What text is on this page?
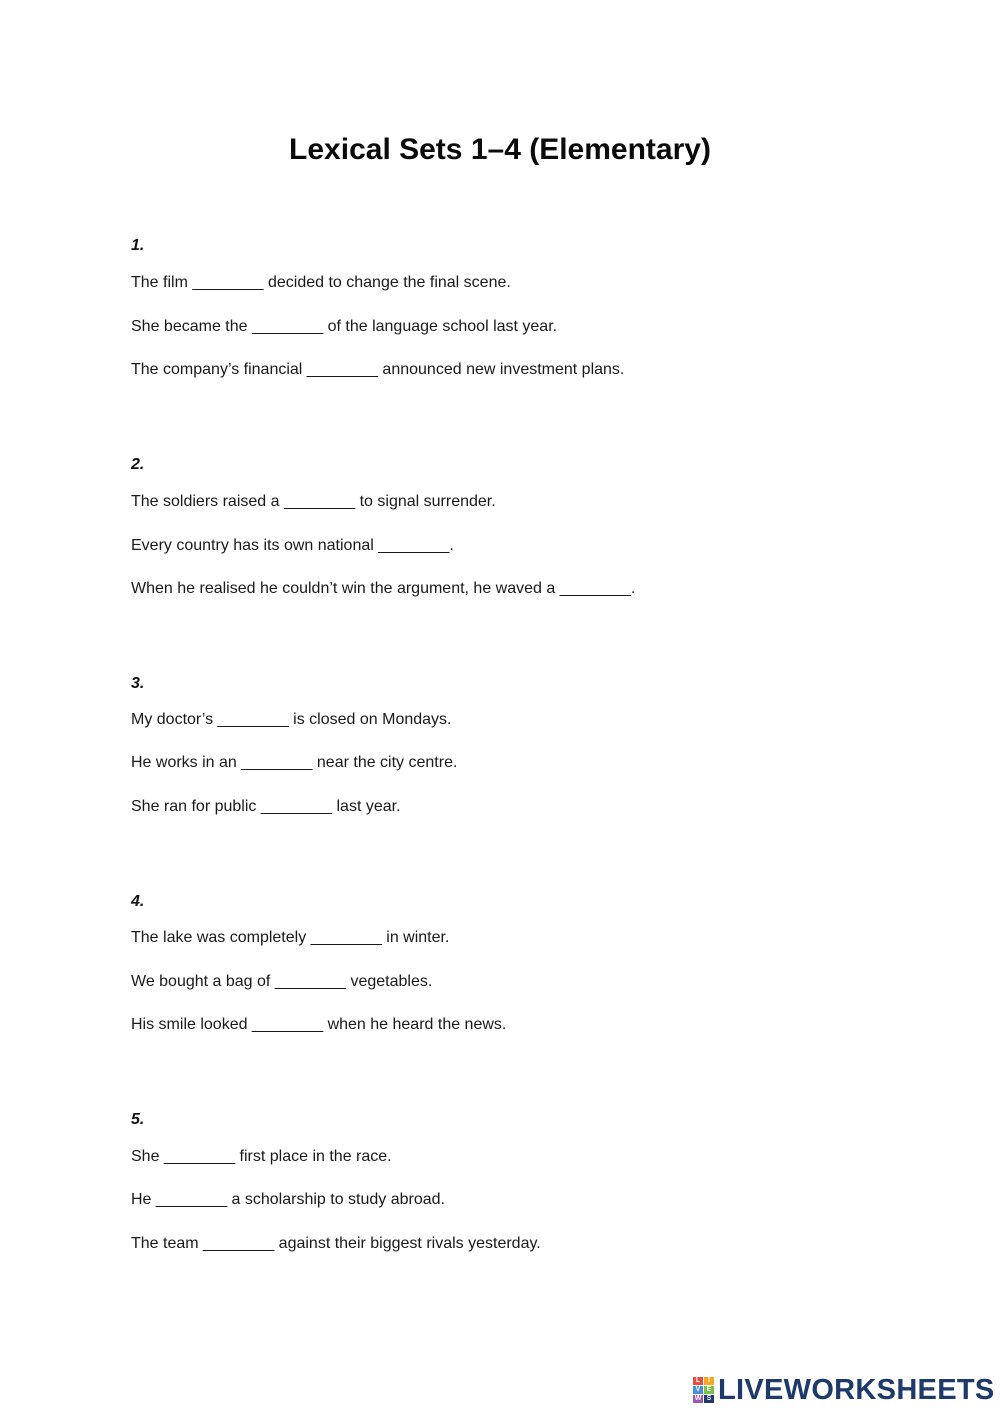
Lexical Sets 1–4 (Elementary)
1.
The film ________ decided to change the final scene.
She became the ________ of the language school last year.
The company’s financial ________ announced new investment plans.
2.
The soldiers raised a ________ to signal surrender.
Every country has its own national ________.
When he realised he couldn’t win the argument, he waved a ________.
3.
My doctor’s ________ is closed on Mondays.
He works in an ________ near the city centre.
She ran for public ________ last year.
4.
The lake was completely ________ in winter.
We bought a bag of ________ vegetables.
His smile looked ________ when he heard the news.
5.
She ________ first place in the race.
He ________ a scholarship to study abroad.
The team ________ against their biggest rivals yesterday.
L	I
V E
W S LIVEWORKSHEETS
